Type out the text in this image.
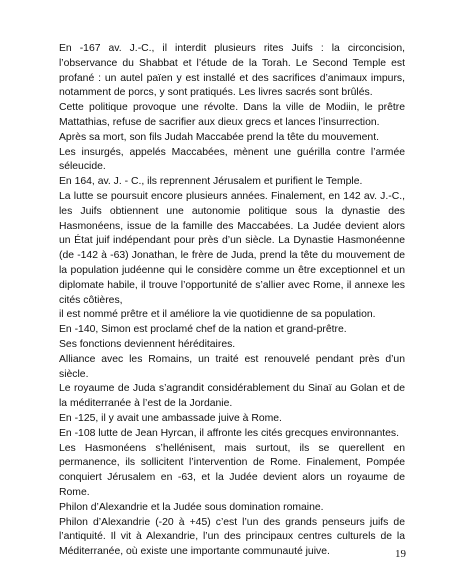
En -167 av. J.-C., il interdit plusieurs rites Juifs : la circoncision, l’observance du Shabbat et l’étude de la Torah. Le Second Temple est profané : un autel païen y est installé et des sacrifices d’animaux impurs, notamment de porcs, y sont pratiqués. Les livres sacrés sont brûlés.

Cette politique provoque une révolte. Dans la ville de Modiin, le prêtre Mattathias, refuse de sacrifier aux dieux grecs et lances l’insurrection.

Après sa mort, son fils Judah Maccabée prend la tête du mouvement.

Les insurgés, appelés Maccabées, mènent une guérilla contre l’armée séleucide.

En 164, av. J. - C., ils reprennent Jérusalem et purifient le Temple.

La lutte se poursuit encore plusieurs années. Finalement, en 142 av. J.-C., les Juifs obtiennent une autonomie politique sous la dynastie des Hasmonéens, issue de la famille des Maccabées. La Judée devient alors un État juif indépendant pour près d’un siècle. La Dynastie Hasmonéenne (de -142 à -63) Jonathan, le frère de Juda, prend la tête du mouvement de la population judéenne qui le considère comme un être exceptionnel et un diplomate habile, il trouve l’opportunité de s’allier avec Rome, il annexe les cités côtières,

il est nommé prêtre et il améliore la vie quotidienne de sa population.

En -140, Simon est proclamé chef de la nation et grand-prêtre.

Ses fonctions deviennent héréditaires.

Alliance avec les Romains, un traité est renouvelé pendant près d’un siècle.

Le royaume de Juda s’agrandit considérablement du Sinaï au Golan et de la méditerranée à l’est de la Jordanie.

En -125, il y avait une ambassade juive à Rome.

En -108 lutte de Jean Hyrcan, il affronte les cités grecques environnantes.

Les Hasmonéens s’hellénisent, mais surtout, ils se querellent en permanence, ils sollicitent l’intervention de Rome. Finalement, Pompée conquiert Jérusalem en -63, et la Judée devient alors un royaume de Rome.

Philon d’Alexandrie et la Judée sous domination romaine.

Philon d’Alexandrie (-20 à +45) c’est l’un des grands penseurs juifs de l’antiquité. Il vit à Alexandrie, l’un des principaux centres culturels de la Méditerranée, où existe une importante communauté juive.	19
